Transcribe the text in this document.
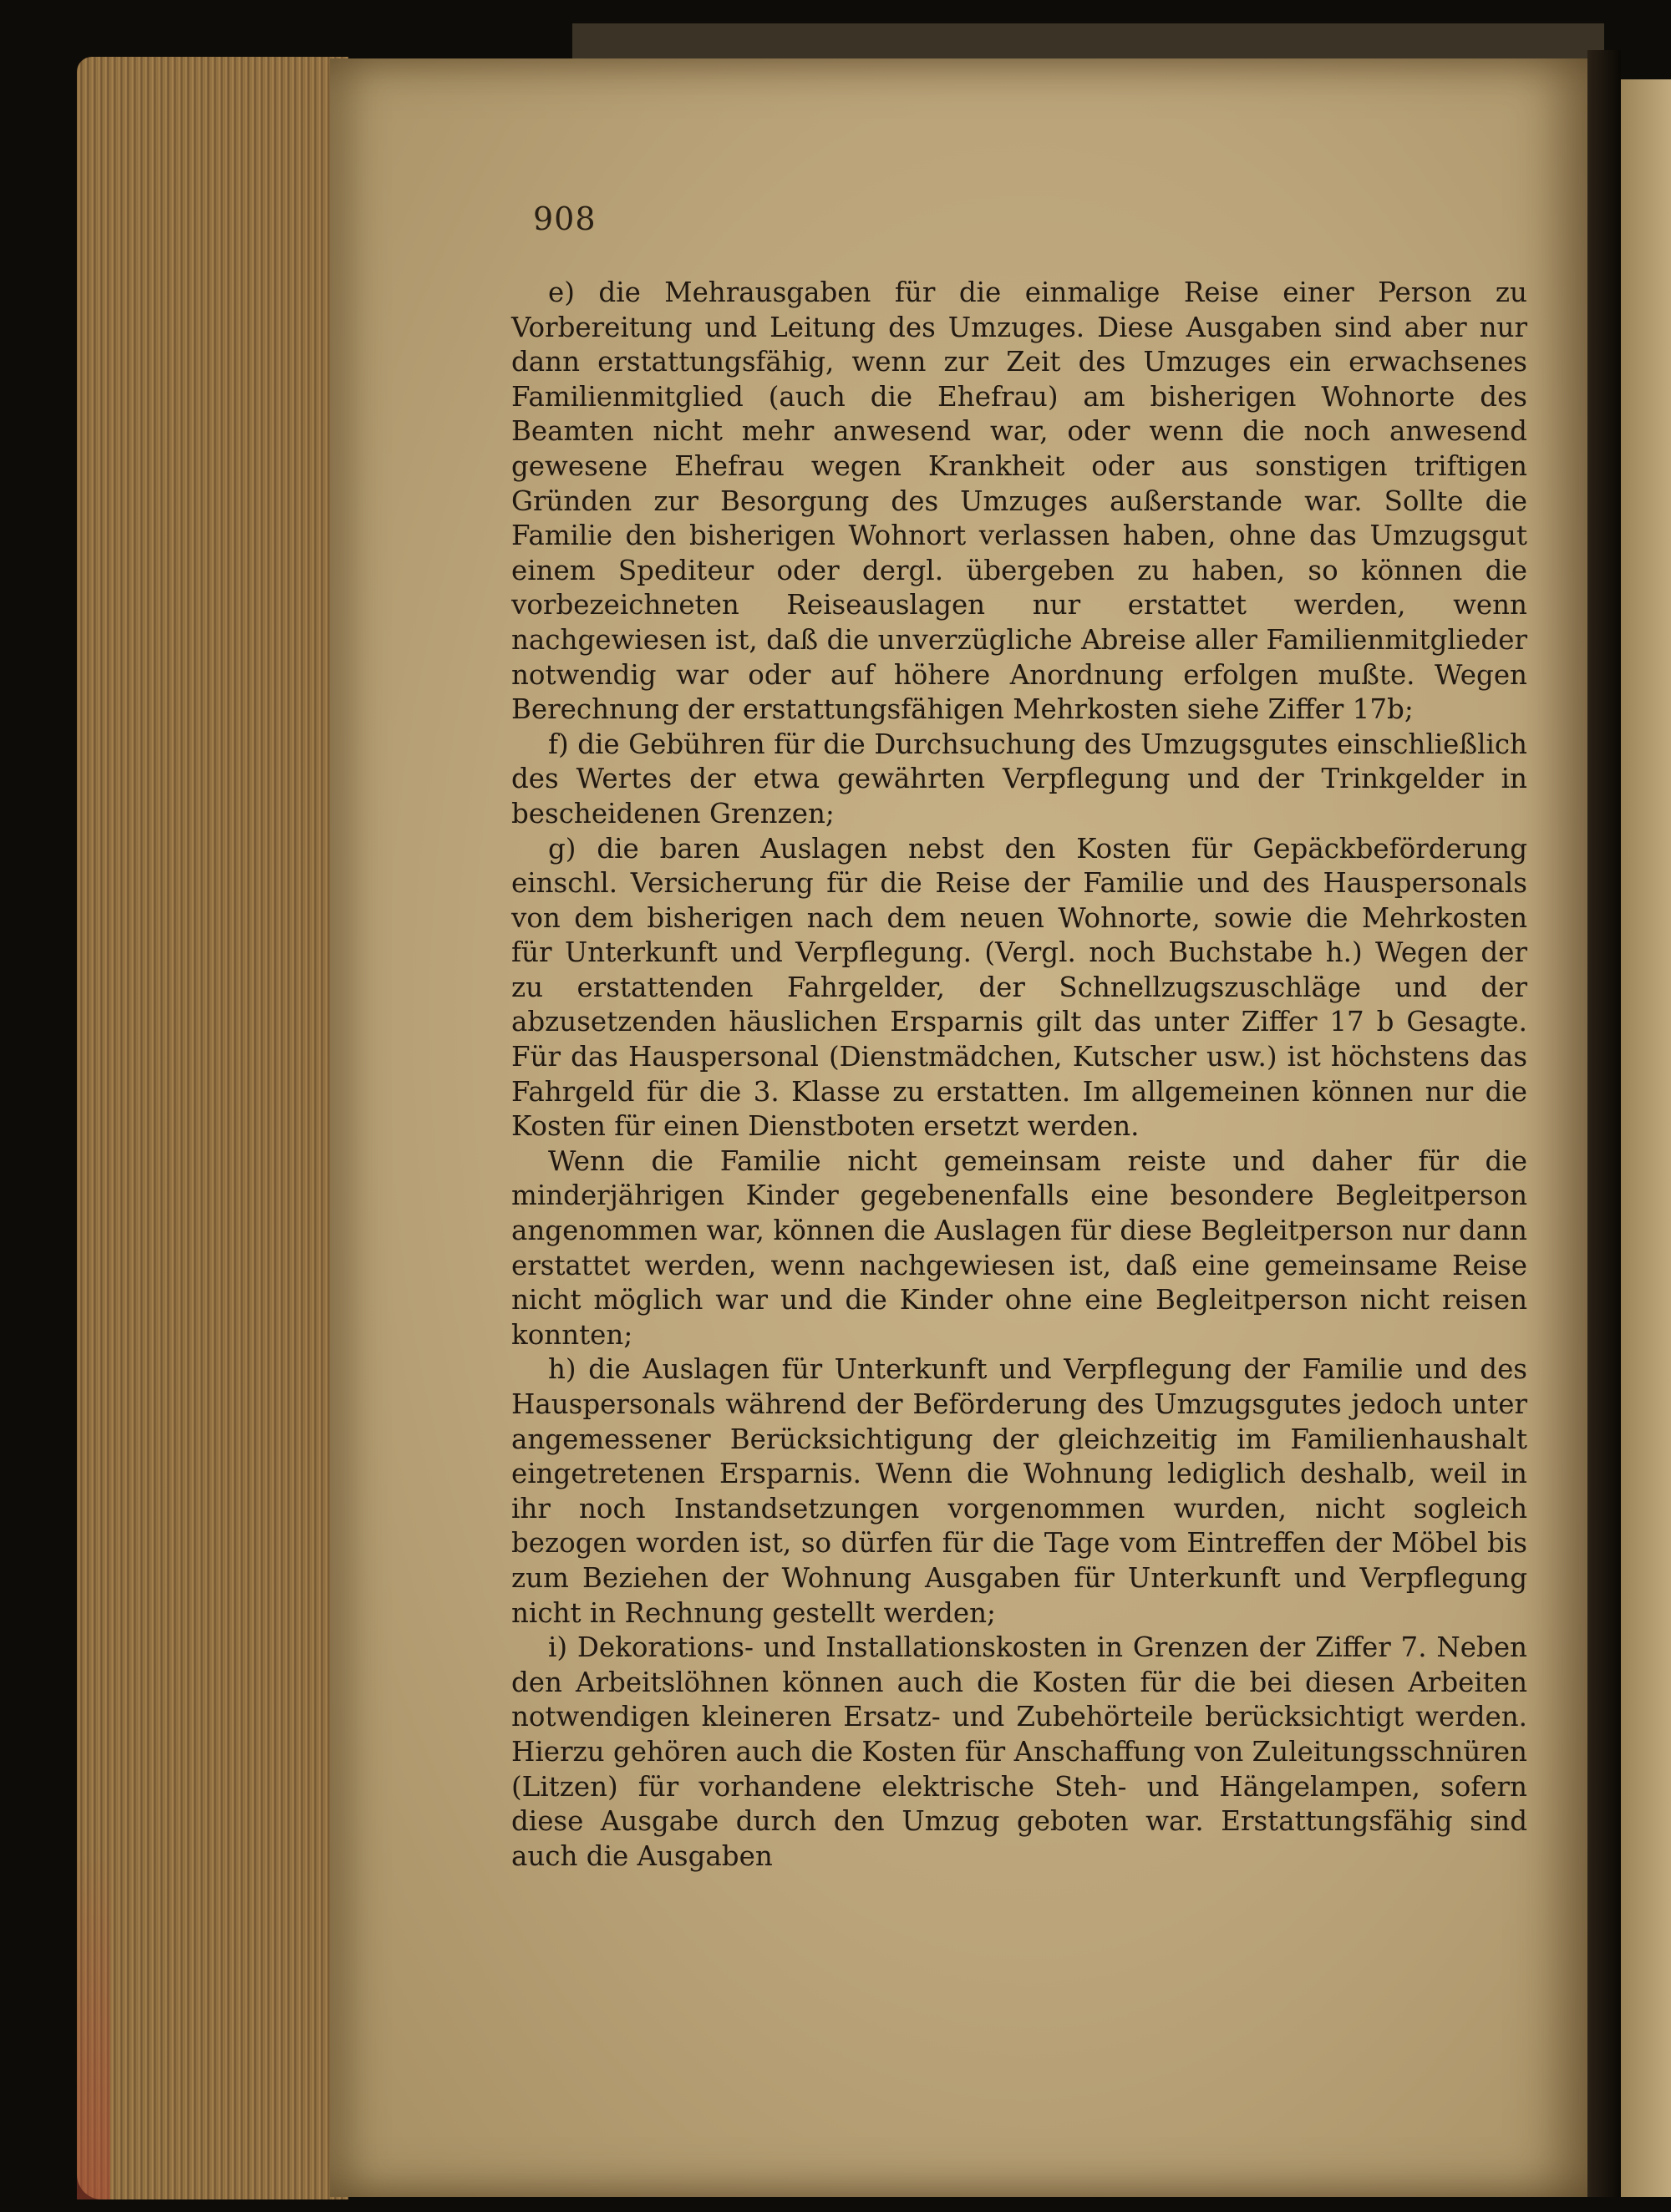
908

e) die Mehrausgaben für die einmalige Reise einer Person zu Vorbereitung und Leitung des Umzuges. Diese Ausgaben sind aber nur dann erstattungsfähig, wenn zur Zeit des Umzuges ein erwachsenes Familienmitglied (auch die Ehefrau) am bisherigen Wohnorte des Beamten nicht mehr anwesend war, oder wenn die noch anwesend gewesene Ehefrau wegen Krankheit oder aus sonstigen triftigen Gründen zur Besorgung des Umzuges außerstande war. Sollte die Familie den bisherigen Wohnort verlassen haben, ohne das Umzugsgut einem Spediteur oder dergl. übergeben zu haben, so können die vorbezeichneten Reiseauslagen nur erstattet werden, wenn nachgewiesen ist, daß die unverzügliche Abreise aller Familienmitglieder notwendig war oder auf höhere Anordnung erfolgen mußte. Wegen Berechnung der erstattungsfähigen Mehrkosten siehe Ziffer 17b;

f) die Gebühren für die Durchsuchung des Umzugsgutes einschließlich des Wertes der etwa gewährten Verpflegung und der Trinkgelder in bescheidenen Grenzen;

g) die baren Auslagen nebst den Kosten für Gepäckbeförderung einschl. Versicherung für die Reise der Familie und des Hauspersonals von dem bisherigen nach dem neuen Wohnorte, sowie die Mehrkosten für Unterkunft und Verpflegung. (Vergl. noch Buchstabe h.) Wegen der zu erstattenden Fahrgelder, der Schnellzugszuschläge und der abzusetzenden häuslichen Ersparnis gilt das unter Ziffer 17 b Gesagte. Für das Hauspersonal (Dienstmädchen, Kutscher usw.) ist höchstens das Fahrgeld für die 3. Klasse zu erstatten. Im allgemeinen können nur die Kosten für einen Dienstboten ersetzt werden.

Wenn die Familie nicht gemeinsam reiste und daher für die minderjährigen Kinder gegebenenfalls eine besondere Begleitperson angenommen war, können die Auslagen für diese Begleitperson nur dann erstattet werden, wenn nachgewiesen ist, daß eine gemeinsame Reise nicht möglich war und die Kinder ohne eine Begleitperson nicht reisen konnten;

h) die Auslagen für Unterkunft und Verpflegung der Familie und des Hauspersonals während der Beförderung des Umzugsgutes jedoch unter angemessener Berücksichtigung der gleichzeitig im Familienhaushalt eingetretenen Ersparnis. Wenn die Wohnung lediglich deshalb, weil in ihr noch Instandsetzungen vorgenommen wurden, nicht sogleich bezogen worden ist, so dürfen für die Tage vom Eintreffen der Möbel bis zum Beziehen der Wohnung Ausgaben für Unterkunft und Verpflegung nicht in Rechnung gestellt werden;

i) Dekorations- und Installationskosten in Grenzen der Ziffer 7. Neben den Arbeitslöhnen können auch die Kosten für die bei diesen Arbeiten notwendigen kleineren Ersatz- und Zubehörteile berücksichtigt werden. Hierzu gehören auch die Kosten für Anschaffung von Zuleitungsschnüren (Litzen) für vorhandene elektrische Steh- und Hängelampen, sofern diese Ausgabe durch den Umzug geboten war. Erstattungsfähig sind auch die Ausgaben
